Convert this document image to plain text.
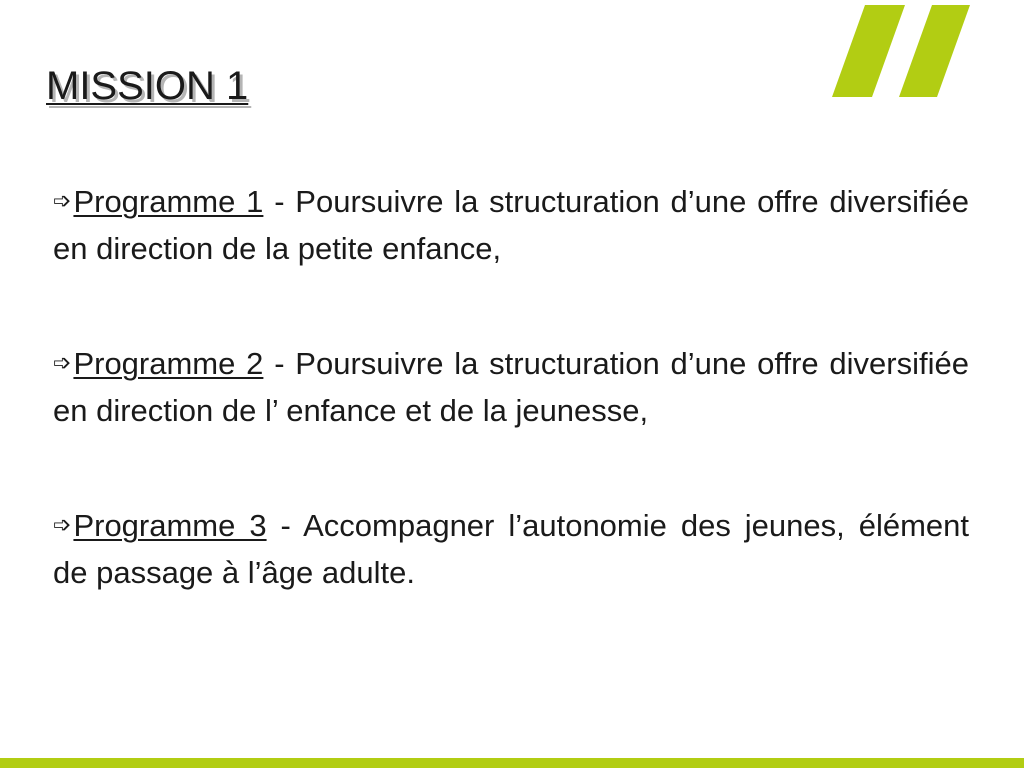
MISSION 1

➩Programme 1 - Poursuivre la structuration d’une offre diversifiée en direction de la petite enfance,

➩Programme 2 - Poursuivre la structuration d’une offre diversifiée en direction de l’ enfance et de la jeunesse,

➩Programme 3 - Accompagner l’autonomie des jeunes, élément de passage à l’âge adulte.
